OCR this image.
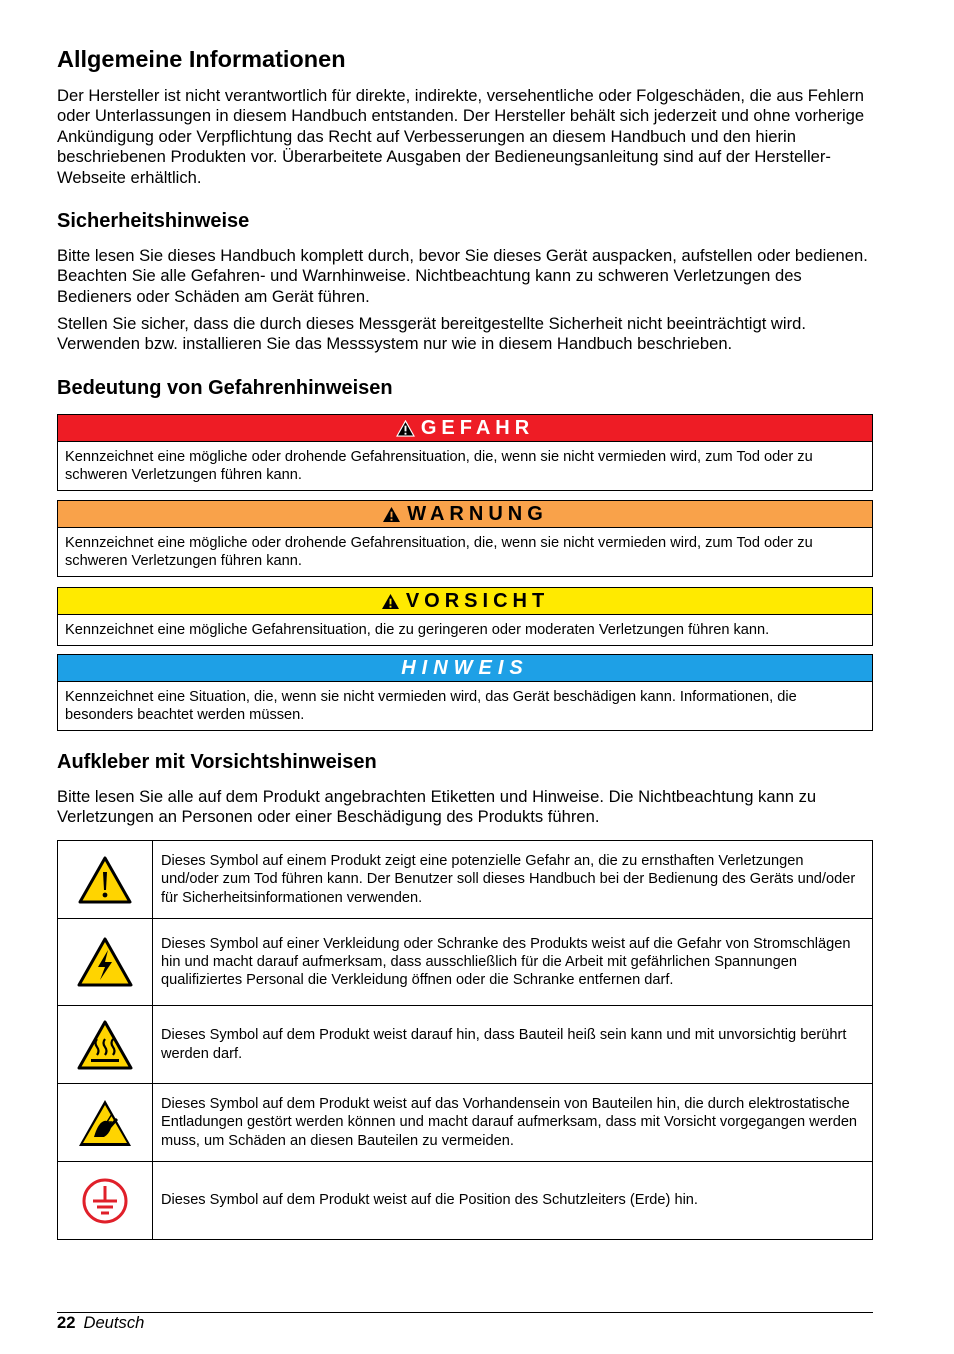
Allgemeine Informationen

Der Hersteller ist nicht verantwortlich für direkte, indirekte, versehentliche oder Folgeschäden, die aus Fehlern oder Unterlassungen in diesem Handbuch entstanden. Der Hersteller behält sich jederzeit und ohne vorherige Ankündigung oder Verpflichtung das Recht auf Verbesserungen an diesem Handbuch und den hierin beschriebenen Produkten vor. Überarbeitete Ausgaben der Bedieneungsanleitung sind auf der Hersteller-Webseite erhältlich.

Sicherheitshinweise

Bitte lesen Sie dieses Handbuch komplett durch, bevor Sie dieses Gerät auspacken, aufstellen oder bedienen. Beachten Sie alle Gefahren- und Warnhinweise. Nichtbeachtung kann zu schweren Verletzungen des Bedieners oder Schäden am Gerät führen.

Stellen Sie sicher, dass die durch dieses Messgerät bereitgestellte Sicherheit nicht beeinträchtigt wird. Verwenden bzw. installieren Sie das Messsystem nur wie in diesem Handbuch beschrieben.

Bedeutung von Gefahrenhinweisen
GEFAHR
Kennzeichnet eine mögliche oder drohende Gefahrensituation, die, wenn sie nicht vermieden wird, zum Tod oder zu schweren Verletzungen führen kann.
WARNUNG
Kennzeichnet eine mögliche oder drohende Gefahrensituation, die, wenn sie nicht vermieden wird, zum Tod oder zu schweren Verletzungen führen kann.
VORSICHT
Kennzeichnet eine mögliche Gefahrensituation, die zu geringeren oder moderaten Verletzungen führen kann.
HINWEIS
Kennzeichnet eine Situation, die, wenn sie nicht vermieden wird, das Gerät beschädigen kann. Informationen, die besonders beachtet werden müssen.
Aufkleber mit Vorsichtshinweisen

Bitte lesen Sie alle auf dem Produkt angebrachten Etiketten und Hinweise. Die Nichtbeachtung kann zu Verletzungen an Personen oder einer Beschädigung des Produkts führen.

	Dieses Symbol auf einem Produkt zeigt eine potenzielle Gefahr an, die zu ernsthaften Verletzungen und/oder zum Tod führen kann. Der Benutzer soll dieses Handbuch bei der Bedienung des Geräts und/oder für Sicherheitsinformationen verwenden.

	Dieses Symbol auf einer Verkleidung oder Schranke des Produkts weist auf die Gefahr von Stromschlägen hin und macht darauf aufmerksam, dass ausschließlich für die Arbeit mit gefährlichen Spannungen qualifiziertes Personal die Verkleidung öffnen oder die Schranke entfernen darf.

	Dieses Symbol auf dem Produkt weist darauf hin, dass Bauteil heiß sein kann und mit unvorsichtig berührt werden darf.

	Dieses Symbol auf dem Produkt weist auf das Vorhandensein von Bauteilen hin, die durch elektrostatische Entladungen gestört werden können und macht darauf aufmerksam, dass mit Vorsicht vorgegangen werden muss, um Schäden an diesen Bauteilen zu vermeiden.

	Dieses Symbol auf dem Produkt weist auf die Position des Schutzleiters (Erde) hin.
22 Deutsch
